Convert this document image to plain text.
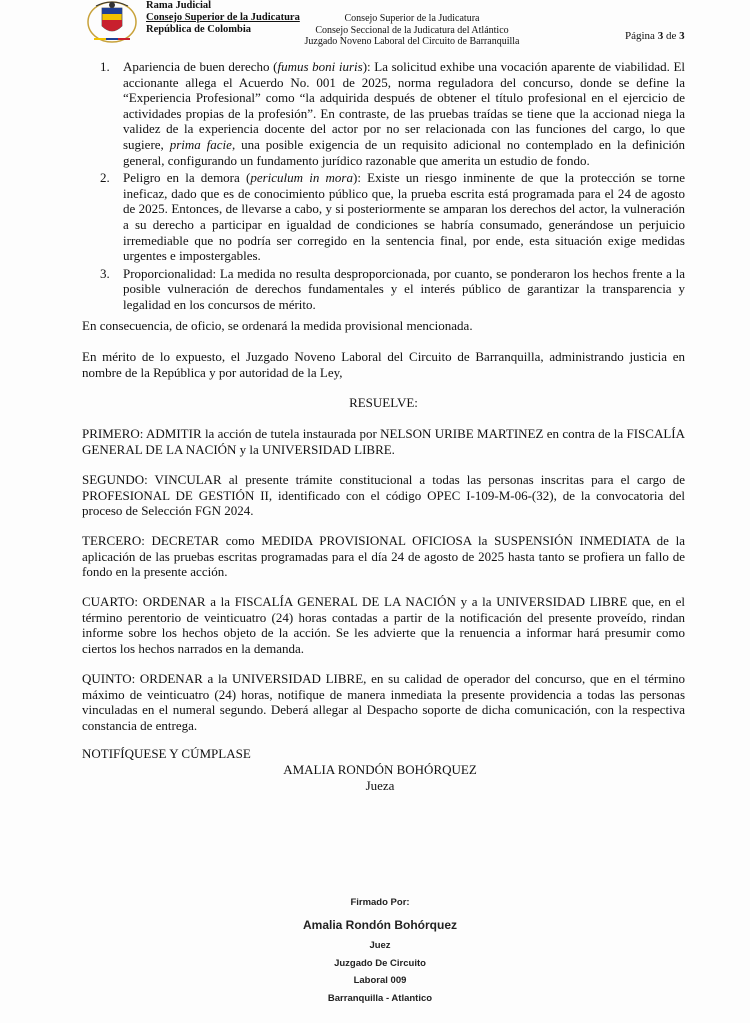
Rama Judicial
Consejo Superior de la Judicatura
República de Colombia
Consejo Superior de la Judicatura
Consejo Seccional de la Judicatura del Atlántico
Juzgado Noveno Laboral del Circuito de Barranquilla	Página 3 de 3
1. Apariencia de buen derecho (fumus boni iuris): La solicitud exhibe una vocación aparente de viabilidad. El accionante allega el Acuerdo No. 001 de 2025, norma reguladora del concurso, donde se define la “Experiencia Profesional” como “la adquirida después de obtener el título profesional en el ejercicio de actividades propias de la profesión”. En contraste, de las pruebas traídas se tiene que la accionad niega la validez de la experiencia docente del actor por no ser relacionada con las funciones del cargo, lo que sugiere, prima facie, una posible exigencia de un requisito adicional no contemplado en la definición general, configurando un fundamento jurídico razonable que amerita un estudio de fondo.
2. Peligro en la demora (periculum in mora): Existe un riesgo inminente de que la protección se torne ineficaz, dado que es de conocimiento público que, la prueba escrita está programada para el 24 de agosto de 2025. Entonces, de llevarse a cabo, y si posteriormente se amparan los derechos del actor, la vulneración a su derecho a participar en igualdad de condiciones se habría consumado, generándose un perjuicio irremediable que no podría ser corregido en la sentencia final, por ende, esta situación exige medidas urgentes e impostergables.
3. Proporcionalidad: La medida no resulta desproporcionada, por cuanto, se ponderaron los hechos frente a la posible vulneración de derechos fundamentales y el interés público de garantizar la transparencia y legalidad en los concursos de mérito.

En consecuencia, de oficio, se ordenará la medida provisional mencionada.

En mérito de lo expuesto, el Juzgado Noveno Laboral del Circuito de Barranquilla, administrando justicia en nombre de la República y por autoridad de la Ley,

RESUELVE:

PRIMERO: ADMITIR la acción de tutela instaurada por NELSON URIBE MARTINEZ en contra de la FISCALÍA GENERAL DE LA NACIÓN y la UNIVERSIDAD LIBRE.

SEGUNDO: VINCULAR al presente trámite constitucional a todas las personas inscritas para el cargo de PROFESIONAL DE GESTIÓN II, identificado con el código OPEC I-109-M-06-(32), de la convocatoria del proceso de Selección FGN 2024.

TERCERO: DECRETAR como MEDIDA PROVISIONAL OFICIOSA la SUSPENSIÓN INMEDIATA de la aplicación de las pruebas escritas programadas para el día 24 de agosto de 2025 hasta tanto se profiera un fallo de fondo en la presente acción.

CUARTO: ORDENAR a la FISCALÍA GENERAL DE LA NACIÓN y a la UNIVERSIDAD LIBRE que, en el término perentorio de veinticuatro (24) horas contadas a partir de la notificación del presente proveído, rindan informe sobre los hechos objeto de la acción. Se les advierte que la renuencia a informar hará presumir como ciertos los hechos narrados en la demanda.

QUINTO: ORDENAR a la UNIVERSIDAD LIBRE, en su calidad de operador del concurso, que en el término máximo de veinticuatro (24) horas, notifique de manera inmediata la presente providencia a todas las personas vinculadas en el numeral segundo. Deberá allegar al Despacho soporte de dicha comunicación, con la respectiva constancia de entrega.

NOTIFÍQUESE Y CÚMPLASE

AMALIA RONDÓN BOHÓRQUEZ
Jueza
Firmado Por:
Amalia Rondón Bohórquez
Juez
Juzgado De Circuito
Laboral 009
Barranquilla - Atlantico
